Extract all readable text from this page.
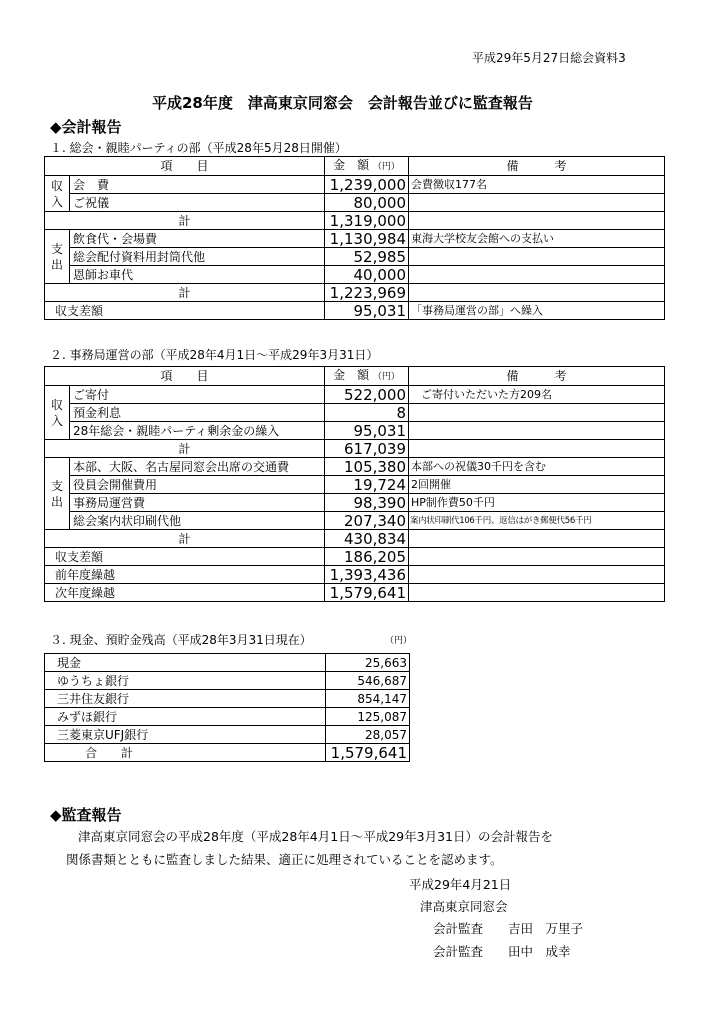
平成29年5月27日総会資料3
平成28年度　津高東京同窓会　会計報告並びに監査報告
◆会計報告
１. 総会・親睦パーティの部（平成28年5月28日開催）
項　　目		金　額 （円）	備　　　考
収入	会　費	1,239,000	会費徴収177名
	ご祝儀	80,000	
計		1,319,000	
支出	飲食代・会場費	1,130,984	東海大学校友会館への支払い
	総会配付資料用封筒代他	52,985	
	恩師お車代	40,000	
計		1,223,969	
収支差額		95,031	「事務局運営の部」へ繰入
２. 事務局運営の部（平成28年4月1日～平成29年3月31日）
項　　目		金　額 （円）	備　　　考
収入	ご寄付	522,000	ご寄付いただいた方209名
	預金利息	8	
	28年総会・親睦パーティ剰余金の繰入	95,031	
計		617,039	
支出	本部、大阪、名古屋同窓会出席の交通費	105,380	本部への祝儀30千円を含む
	役員会開催費用	19,724	2回開催
	事務局運営費	98,390	HP制作費50千円
	総会案内状印刷代他	207,340	案内状印刷代106千円、返信はがき郵便代56千円
計		430,834	
収支差額		186,205	
前年度繰越		1,393,436	
次年度繰越		1,579,641	
３. 現金、預貯金残高（平成28年3月31日現在）	（円）
現金	25,663
ゆうちょ銀行	546,687
三井住友銀行	854,147
みずほ銀行	125,087
三菱東京UFJ銀行	28,057
合　　計	1,579,641
◆監査報告
津高東京同窓会の平成28年度（平成28年4月1日～平成29年3月31日）の会計報告を
関係書類とともに監査しました結果、適正に処理されていることを認めます。
平成29年4月21日
津高東京同窓会
会計監査　　吉田　万里子
会計監査　　田中　成幸
